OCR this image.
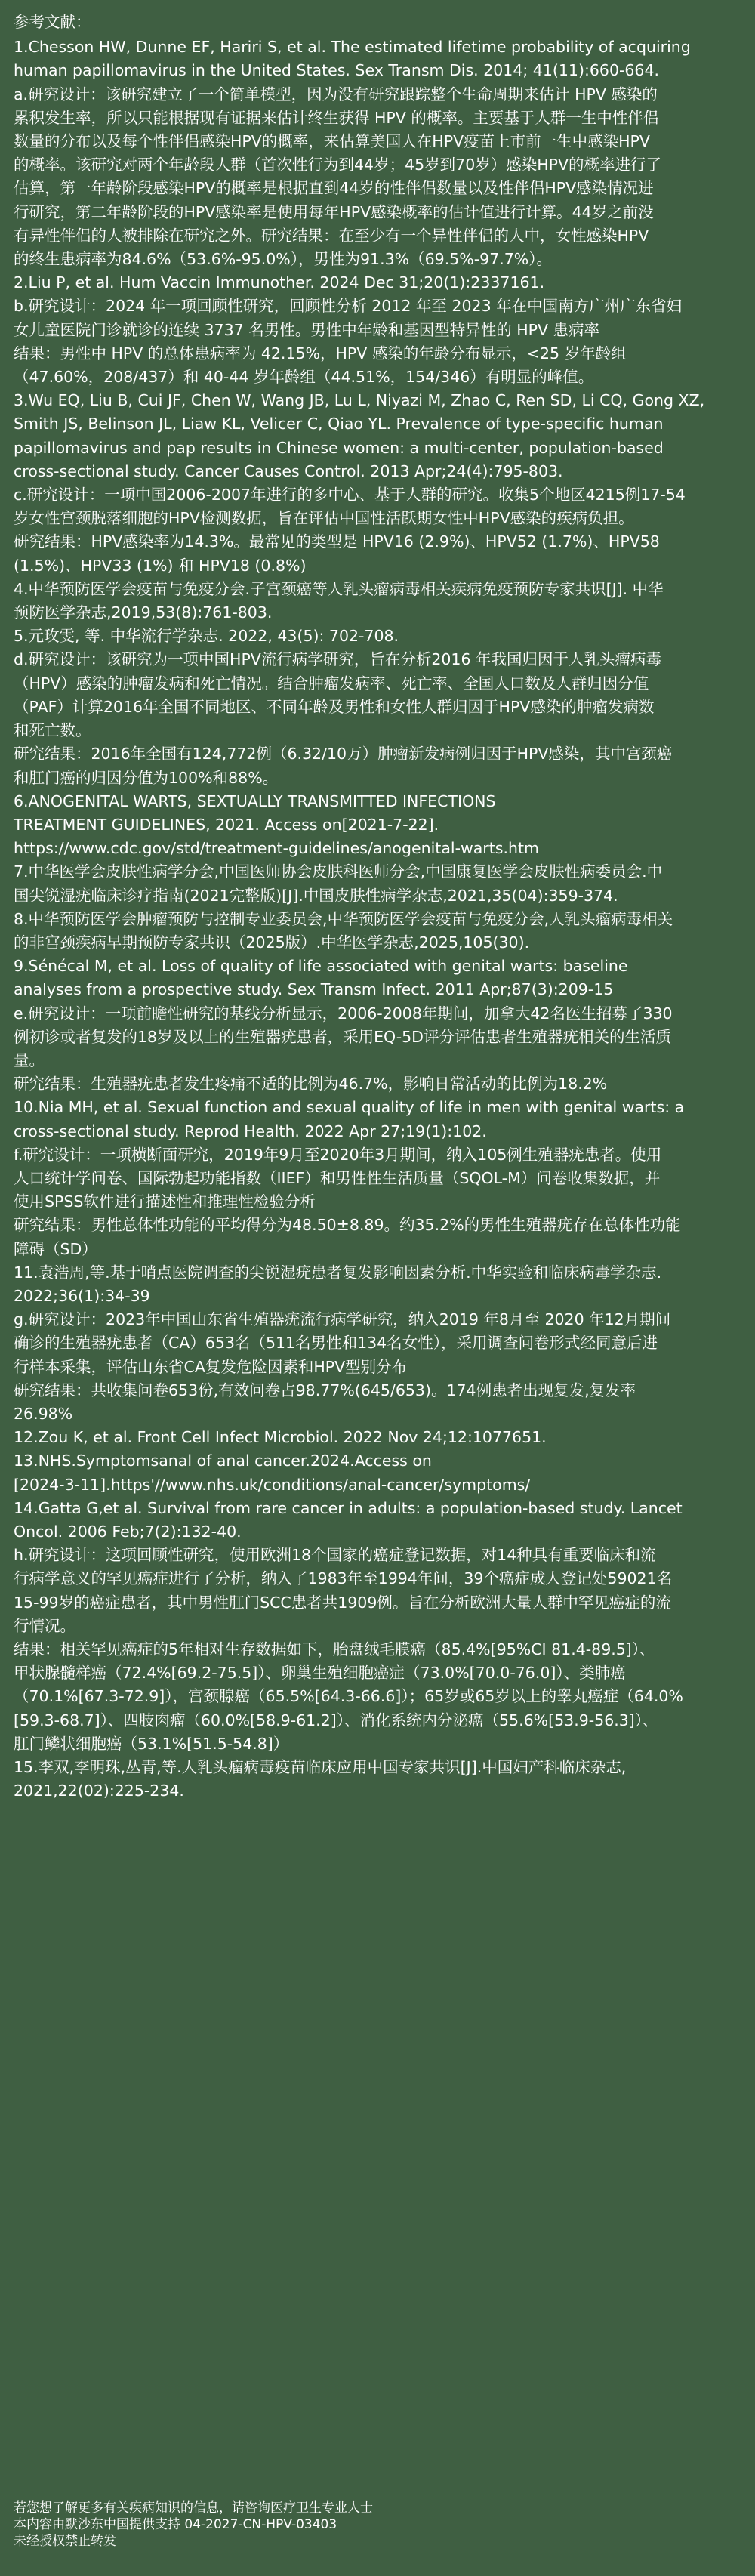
参考文献：
1.Chesson HW, Dunne EF, Hariri S, et al. The estimated lifetime probability of acquiring
human papillomavirus in the United States. Sex Transm Dis. 2014; 41(11):660-664.
a.研究设计：该研究建立了一个简单模型，因为没有研究跟踪整个生命周期来估计 HPV 感染的
累积发生率，所以只能根据现有证据来估计终生获得 HPV 的概率。主要基于人群一生中性伴侣
数量的分布以及每个性伴侣感染HPV的概率，来估算美国人在HPV疫苗上市前一生中感染HPV
的概率。该研究对两个年龄段人群（首次性行为到44岁；45岁到70岁）感染HPV的概率进行了
估算，第一年龄阶段感染HPV的概率是根据直到44岁的性伴侣数量以及性伴侣HPV感染情况进
行研究，第二年龄阶段的HPV感染率是使用每年HPV感染概率的估计值进行计算。44岁之前没
有异性伴侣的人被排除在研究之外。研究结果：在至少有一个异性伴侣的人中，女性感染HPV
的终生患病率为84.6%（53.6%-95.0%），男性为91.3%（69.5%-97.7%）。
2.Liu P, et al. Hum Vaccin Immunother. 2024 Dec 31;20(1):2337161.
b.研究设计：2024 年一项回顾性研究，回顾性分析 2012 年至 2023 年在中国南方广州广东省妇
女儿童医院门诊就诊的连续 3737 名男性。男性中年龄和基因型特异性的 HPV 患病率
结果：男性中 HPV 的总体患病率为 42.15%，HPV 感染的年龄分布显示，<25 岁年龄组
（47.60%，208/437）和 40-44 岁年龄组（44.51%，154/346）有明显的峰值。
3.Wu EQ, Liu B, Cui JF, Chen W, Wang JB, Lu L, Niyazi M, Zhao C, Ren SD, Li CQ, Gong XZ,
Smith JS, Belinson JL, Liaw KL, Velicer C, Qiao YL. Prevalence of type-specific human
papillomavirus and pap results in Chinese women: a multi-center, population-based
cross-sectional study. Cancer Causes Control. 2013 Apr;24(4):795-803.
c.研究设计：一项中国2006-2007年进行的多中心、基于人群的研究。收集5个地区4215例17-54
岁女性宫颈脱落细胞的HPV检测数据，旨在评估中国性活跃期女性中HPV感染的疾病负担。
研究结果：HPV感染率为14.3%。最常见的类型是 HPV16 (2.9%)、HPV52 (1.7%)、HPV58
(1.5%)、HPV33 (1%) 和 HPV18 (0.8%)
4.中华预防医学会疫苗与免疫分会.子宫颈癌等人乳头瘤病毒相关疾病免疫预防专家共识[J]. 中华
预防医学杂志,2019,53(8):761-803.
5.元玫雯, 等. 中华流行学杂志. 2022, 43(5): 702-708.
d.研究设计：该研究为一项中国HPV流行病学研究，旨在分析2016 年我国归因于人乳头瘤病毒
（HPV）感染的肿瘤发病和死亡情况。结合肿瘤发病率、死亡率、全国人口数及人群归因分值
（PAF）计算2016年全国不同地区、不同年龄及男性和女性人群归因于HPV感染的肿瘤发病数
和死亡数。
研究结果：2016年全国有124,772例（6.32/10万）肿瘤新发病例归因于HPV感染，其中宫颈癌
和肛门癌的归因分值为100%和88%。
6.ANOGENITAL WARTS, SEXTUALLY TRANSMITTED INFECTIONS
TREATMENT GUIDELINES, 2021. Access on[2021-7-22].
https://www.cdc.gov/std/treatment-guidelines/anogenital-warts.htm
7.中华医学会皮肤性病学分会,中国医师协会皮肤科医师分会,中国康复医学会皮肤性病委员会.中
国尖锐湿疣临床诊疗指南(2021完整版)[J].中国皮肤性病学杂志,2021,35(04):359-374.
8.中华预防医学会肿瘤预防与控制专业委员会,中华预防医学会疫苗与免疫分会,人乳头瘤病毒相关
的非宫颈疾病早期预防专家共识（2025版）.中华医学杂志,2025,105(30).
9.Sénécal M, et al. Loss of quality of life associated with genital warts: baseline
analyses from a prospective study. Sex Transm Infect. 2011 Apr;87(3):209-15
e.研究设计：一项前瞻性研究的基线分析显示，2006-2008年期间，加拿大42名医生招募了330
例初诊或者复发的18岁及以上的生殖器疣患者，采用EQ-5D评分评估患者生殖器疣相关的生活质
量。
研究结果：生殖器疣患者发生疼痛不适的比例为46.7%，影响日常活动的比例为18.2%
10.Nia MH, et al. Sexual function and sexual quality of life in men with genital warts: a
cross-sectional study. Reprod Health. 2022 Apr 27;19(1):102.
f.研究设计：一项横断面研究，2019年9月至2020年3月期间，纳入105例生殖器疣患者。使用
人口统计学问卷、国际勃起功能指数（IIEF）和男性性生活质量（SQOL-M）问卷收集数据，并
使用SPSS软件进行描述性和推理性检验分析
研究结果：男性总体性功能的平均得分为48.50±8.89。约35.2%的男性生殖器疣存在总体性功能
障碍（SD）
11.袁浩周,等.基于哨点医院调查的尖锐湿疣患者复发影响因素分析.中华实验和临床病毒学杂志.
2022;36(1):34-39
g.研究设计：2023年中国山东省生殖器疣流行病学研究，纳入2019 年8月至 2020 年12月期间
确诊的生殖器疣患者（CA）653名（511名男性和134名女性），采用调查问卷形式经同意后进
行样本采集，评估山东省CA复发危险因素和HPV型别分布
研究结果：共收集问卷653份,有效问卷占98.77%(645/653)。174例患者出现复发,复发率
26.98%
12.Zou K, et al. Front Cell Infect Microbiol. 2022 Nov 24;12:1077651.
13.NHS.Symptomsanal of anal cancer.2024.Access on
[2024-3-11].https'//www.nhs.uk/conditions/anal-cancer/symptoms/
14.Gatta G,et al. Survival from rare cancer in adults: a population-based study. Lancet
Oncol. 2006 Feb;7(2):132-40.
h.研究设计：这项回顾性研究，使用欧洲18个国家的癌症登记数据，对14种具有重要临床和流
行病学意义的罕见癌症进行了分析，纳入了1983年至1994年间，39个癌症成人登记处59021名
15-99岁的癌症患者，其中男性肛门SCC患者共1909例。旨在分析欧洲大量人群中罕见癌症的流
行情况。
结果：相关罕见癌症的5年相对生存数据如下，胎盘绒毛膜癌（85.4%[95%CI 81.4-89.5]）、
甲状腺髓样癌（72.4%[69.2-75.5]）、卵巢生殖细胞癌症（73.0%[70.0-76.0]）、类肺癌
（70.1%[67.3-72.9]），宫颈腺癌（65.5%[64.3-66.6]）；65岁或65岁以上的睾丸癌症（64.0%
[59.3-68.7]）、四肢肉瘤（60.0%[58.9-61.2]）、消化系统内分泌癌（55.6%[53.9-56.3]）、
肛门鳞状细胞癌（53.1%[51.5-54.8]）
15.李双,李明珠,丛青,等.人乳头瘤病毒疫苗临床应用中国专家共识[J].中国妇产科临床杂志,
2021,22(02):225-234.
若您想了解更多有关疾病知识的信息，请咨询医疗卫生专业人士
本内容由默沙东中国提供支持 04-2027-CN-HPV-03403
未经授权禁止转发
